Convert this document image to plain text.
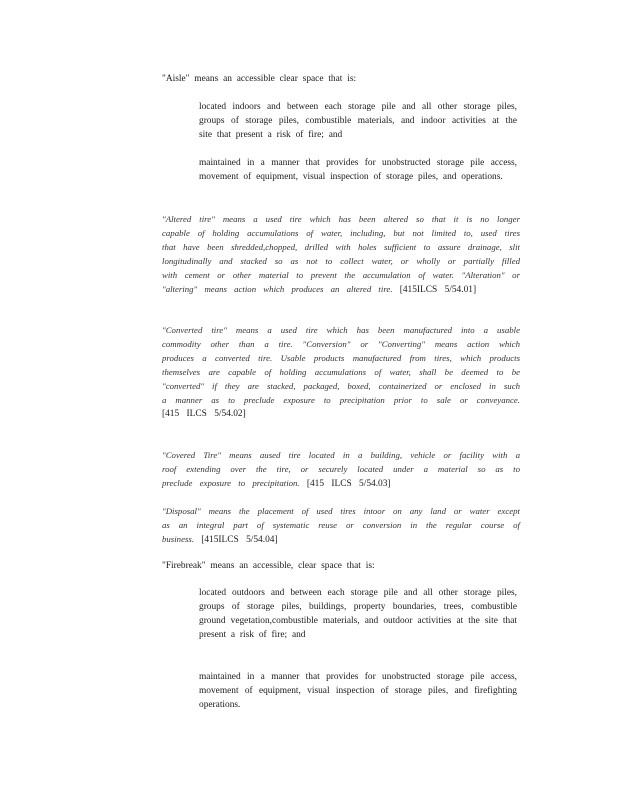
"Aisle" means an accessible clear space that is:

located indoors and between each storage pile and all other storage piles, groups of storage piles, combustible materials, and indoor activities at the site that present a risk of fire; and

maintained in a manner that provides for unobstructed storage pile access, movement of equipment, visual inspection of storage piles, and operations.

"Altered tire" means a used tire which has been altered so that it is no longer capable of holding accumulations of water, including, but not limited to, used tires that have been shredded,chopped, drilled with holes sufficient to assure drainage, slit longitudinally and stacked so as not to collect water, or wholly or partially filled with cement or other material to prevent the accumulation of water. "Alteration" or "altering" means action which produces an altered tire. [415ILCS 5/54.01]

"Converted tire" means a used tire which has been manufactured into a usable commodity other than a tire. "Conversion" or "Converting" means action which produces a converted tire. Usable products manufactured from tires, which products themselves are capable of holding accumulations of water, shall be deemed to be "converted" if they are stacked, packaged, boxed, containerized or enclosed in such a manner as to preclude exposure to precipitation prior to sale or conveyance. [415 ILCS 5/54.02]

"Covered Tire" means aused tire located in a building, vehicle or facility with a roof extending over the tire, or securely located under a material so as to preclude exposure to precipitation. [415 ILCS 5/54.03]

"Disposal" means the placement of used tires intoor on any land or water except as an integral part of systematic reuse or conversion in the regular course of business. [415ILCS 5/54.04]

"Firebreak" means an accessible, clear space that is:

located outdoors and between each storage pile and all other storage piles, groups of storage piles, buildings, property boundaries, trees, combustible ground vegetation,combustible materials, and outdoor activities at the site that present a risk of fire; and

maintained in a manner that provides for unobstructed storage pile access, movement of equipment, visual inspection of storage piles, and firefighting operations.
